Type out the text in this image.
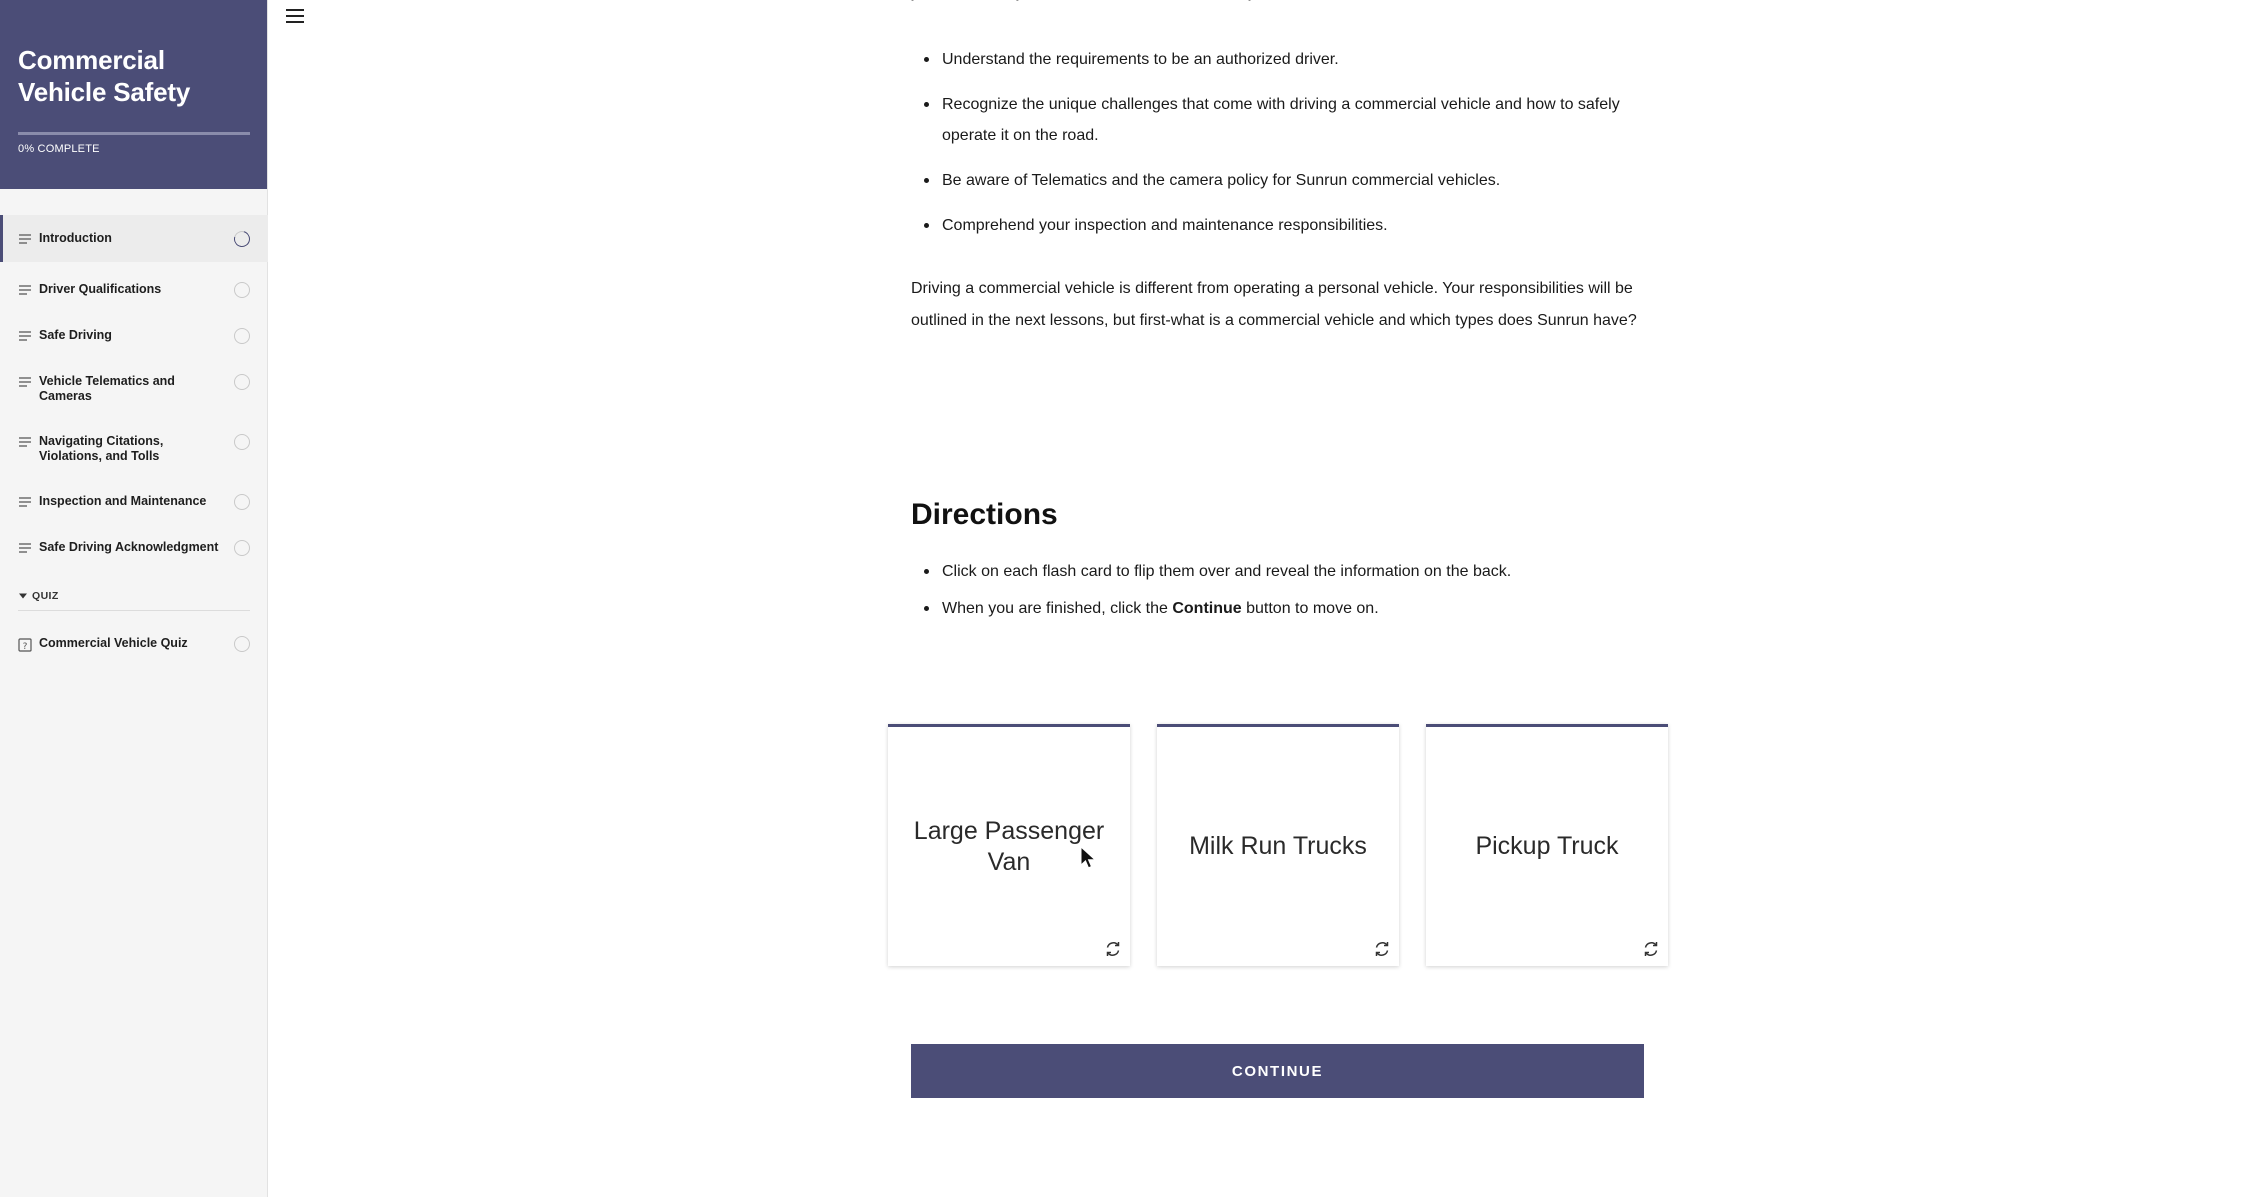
Commercial Vehicle Safety
0% COMPLETE
Introduction
Driver Qualifications
Safe Driving
Vehicle Telematics and Cameras
Navigating Citations, Violations, and Tolls
Inspection and Maintenance
Safe Driving Acknowledgment
QUIZ
? Commercial Vehicle Quiz
Understand the requirements to be an authorized driver.
Recognize the unique challenges that come with driving a commercial vehicle and how to safely operate it on the road.
Be aware of Telematics and the camera policy for Sunrun commercial vehicles.
Comprehend your inspection and maintenance responsibilities.

Driving a commercial vehicle is different from operating a personal vehicle. Your responsibilities will be outlined in the next lessons, but first-what is a commercial vehicle and which types does Sunrun have?

Directions
Click on each flash card to flip them over and reveal the information on the back.
When you are finished, click the Continue button to move on.
Large Passenger Van
Milk Run Trucks	Pickup Truck
CONTINUE
